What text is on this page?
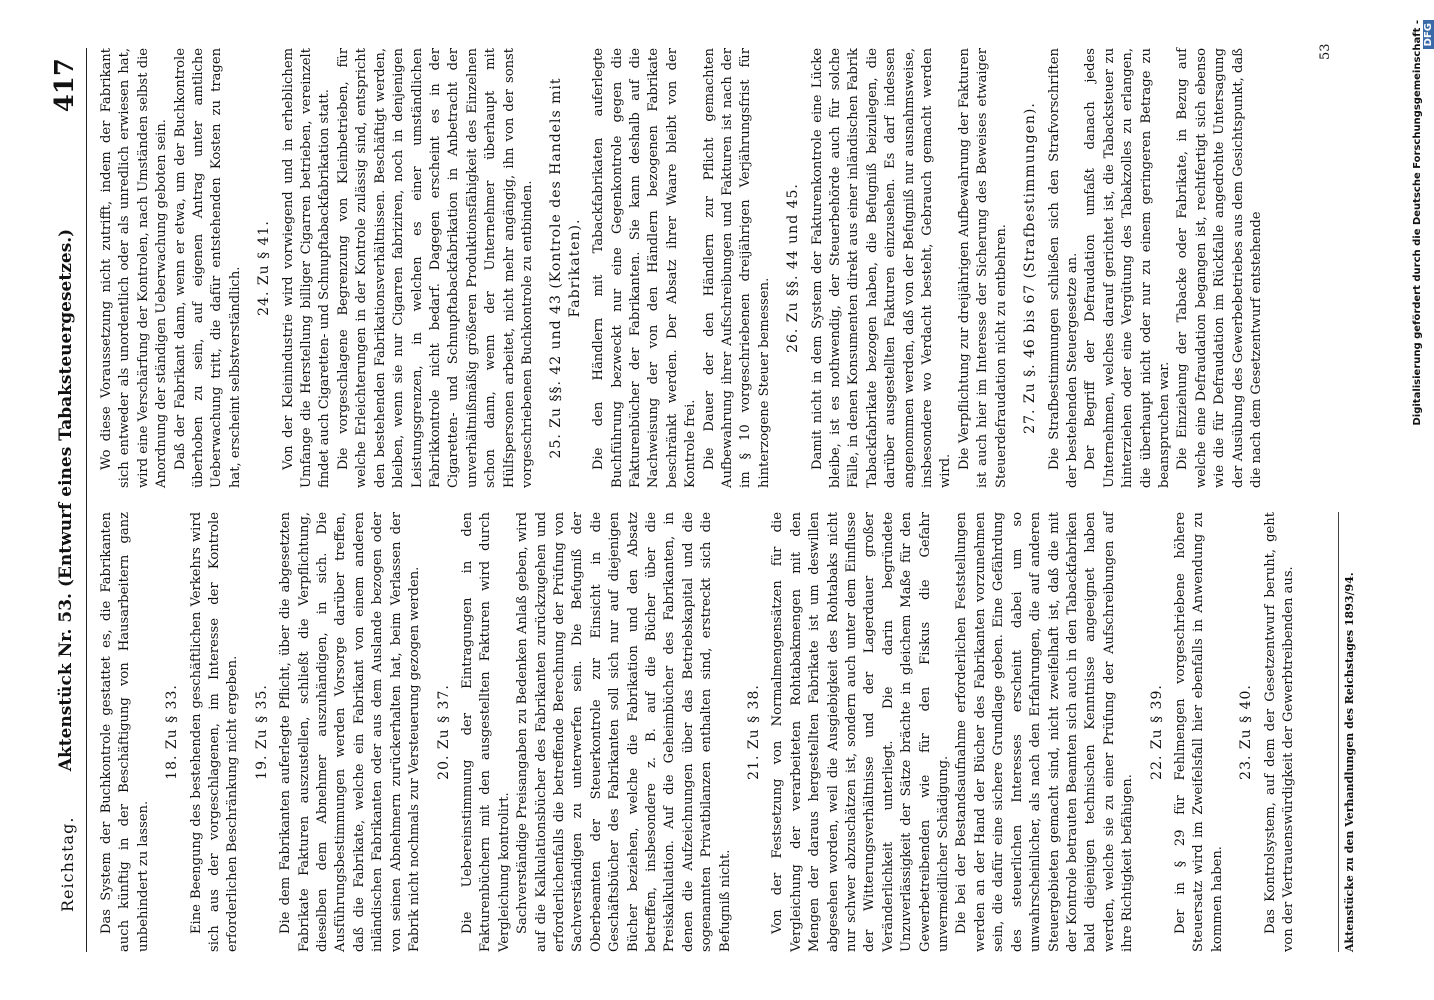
Reichstag.
Aktenstück Nr. 53. (Entwurf eines Tabaksteuergesetzes.)
417

Das System der Buchkontrole gestattet es, die Fabrikanten auch künftig in der Beschäftigung von Hausarbeitern ganz unbehindert zu lassen.

18. Zu § 33. Eine Beengung des bestehenden geschäftlichen Verkehrs wird sich aus der vorgeschlagenen, im Interesse der Kontrole erforderlichen Beschränkung nicht ergeben. 19. Zu § 35. Die dem Fabrikanten auferlegte Pflicht, über die abgesetzten Fabrikate Fakturen auszustellen, schließt die Verpflichtung, dieselben dem Abnehmer auszuhändigen, in sich. Die Ausführungsbestimmungen werden Vorsorge darüber treffen, daß die Fabrikate, welche ein Fabrikant von einem anderen inländischen Fabrikanten oder aus dem Auslande bezogen oder von seinen Abnehmern zurückerhalten hat, beim Verlassen der Fabrik nicht nochmals zur Versteuerung gezogen werden. 20. Zu § 37. Die Uebereinstimmung der Eintragungen in den Fakturenbüchern mit den ausgestellten Fakturen wird durch Vergleichung kontrolirt. Sachverständige Preisangaben zu Bedenken Anlaß geben, wird auf die Kalkulationsbücher des Fabrikanten zurückzugehen und erforderlichenfalls die betreffende Berechnung der Prüfung von Sachverständigen zu unterwerfen sein. Die Befugniß der Oberbeamten der Steuerkontrole zur Einsicht in die Geschäftsbücher des Fabrikanten soll sich nur auf diejenigen Bücher beziehen, welche die Fabrikation und den Absatz betreffen, insbesondere z. B. auf die Bücher über die Preiskalkulation. Auf die Geheimbücher des Fabrikanten, in denen die Aufzeichnungen über das Betriebskapital und die sogenannten Privatbilanzen enthalten sind, erstreckt sich die Befugniß nicht.

21. Zu § 38. Von der Festsetzung von Normalmengensätzen für die Vergleichung der verarbeiteten Rohtabakmengen mit den Mengen der daraus hergestellten Fabrikate ist um deswillen abgesehen worden, weil die Ausgiebigkeit des Rohtabaks nicht nur schwer abzuschätzen ist, sondern auch unter dem Einflusse der Witterungsverhältnisse und der Lagerdauer großer Veränderlichkeit unterliegt. Die darin begründete Unzuverlässigkeit der Sätze brächte in gleichem Maße für den Gewerbetreibenden wie für den Fiskus die Gefahr unvermeidlicher Schädigung. Die bei der Bestandsaufnahme erforderlichen Feststellungen werden an der Hand der Bücher des Fabrikanten vorzunehmen sein, die dafür eine sichere Grundlage geben. Eine Gefährdung des steuerlichen Interesses erscheint dabei um so unwahrscheinlicher, als nach den Erfahrungen, die auf anderen Steuergebieten gemacht sind, nicht zweifelhaft ist, daß die mit der Kontrole betrauten Beamten sich auch in den Tabackfabriken bald diejenigen technischen Kenntnisse angeeignet haben werden, welche sie zu einer Prüfung der Aufschreibungen auf ihre Richtigkeit befähigen.

22. Zu § 39. Der in § 29 für Fehlmengen vorgeschriebene höhere Steuersatz wird im Zweifelsfall hier ebenfalls in Anwendung zu kommen haben.

23. Zu § 40. Das Kontrolsystem, auf dem der Gesetzentwurf beruht, geht von der Vertrauenswürdigkeit der Gewerbtreibenden aus.

Wo diese Voraussetzung nicht zutrifft, indem der Fabrikant sich entweder als unordentlich oder als unredlich erwiesen hat, wird eine Verschärfung der Kontrolen, nach Umständen selbst die Anordnung der ständigen Ueberwachung geboten sein. Daß der Fabrikant dann, wenn er etwa, um der Buchkontrole überhoben zu sein, auf eigenen Antrag unter amtliche Ueberwachung tritt, die dafür entstehenden Kosten zu tragen hat, erscheint selbstverständlich. 24. Zu § 41. Von der Kleinindustrie wird vorwiegend und in erheblichem Umfange die Herstellung billiger Cigarren betrieben, vereinzelt findet auch Cigaretten- und Schnupftabackfabrikation statt. Die vorgeschlagene Begrenzung von Kleinbetrieben, für welche Erleichterungen in der Kontrole zulässig sind, entspricht den bestehenden Fabrikationsverhältnissen. Beschäftigt werden, bleiben, wenn sie nur Cigarren fabriziren, noch in denjenigen Leistungsgrenzen, in welchen es einer umständlichen Fabrikkontrole nicht bedarf. Dagegen erscheint es in der Cigaretten- und Schnupftabackfabrikation in Anbetracht der unverhältnißmäßig größeren Produktionsfähigkeit des Einzelnen schon dann, wenn der Unternehmer überhaupt mit Hülfspersonen arbeitet, nicht mehr angängig, ihn von der sonst vorgeschriebenen Buchkontrole zu entbinden. 25. Zu §§. 42 und 43 (Kontrole des Handels mit Fabrikaten). Die den Händlern mit Tabackfabrikaten auferlegte Buchführung bezweckt nur eine Gegenkontrole gegen die Fakturenbücher der Fabrikanten. Sie kann deshalb auf die Nachweisung der von den Händlern bezogenen Fabrikate beschränkt werden. Der Absatz ihrer Waare bleibt von der Kontrole frei. Die Dauer der den Händlern zur Pflicht gemachten Aufbewahrung ihrer Aufschreibungen und Fakturen ist nach der im § 10 vorgeschriebenen dreijährigen Verjährungsfrist für hinterzogene Steuer bemessen.

26. Zu §§. 44 und 45. Damit nicht in dem System der Fakturenkontrole eine Lücke bleibe, ist es nothwendig, der Steuerbehörde auch für solche Fälle, in denen Konsumenten direkt aus einer inländischen Fabrik Tabackfabrikate bezogen haben, die Befugniß beizulegen, die darüber ausgestellten Fakturen einzusehen. Es darf indessen angenommen werden, daß von der Befugniß nur ausnahmsweise, insbesondere wo Verdacht besteht, Gebrauch gemacht werden wird.

Die Verpflichtung zur dreijährigen Aufbewahrung der Fakturen ist auch hier im Interesse der Sicherung des Beweises etwaiger Steuerdefraudation nicht zu entbehren. 27. Zu §. 46 bis 67 (Strafbestimmungen). Die Strafbestimmungen schließen sich den Strafvorschriften der bestehenden Steuergesetze an. Der Begriff der Defraudation umfaßt danach jedes Unternehmen, welches darauf gerichtet ist, die Tabacksteuer zu hinterziehen oder eine Vergütung des Tabakzolles zu erlangen, die überhaupt nicht oder nur zu einem geringeren Betrage zu beanspruchen war. Die Einziehung der Tabacke oder Fabrikate, in Bezug auf welche eine Defraudation begangen ist, rechtfertigt sich ebenso wie die für Defraudation im Rückfalle angedrohte Untersagung der Ausübung des Gewerbebetriebes aus dem Gesichtspunkt, daß die nach dem Gesetzentwurf entstehende

Aktenstücke zu den Verhandlungen des Reichstages 1893/94.
53	Digitalisierung gefördert durch die Deutsche Forschungsgemeinschaft -DFG
